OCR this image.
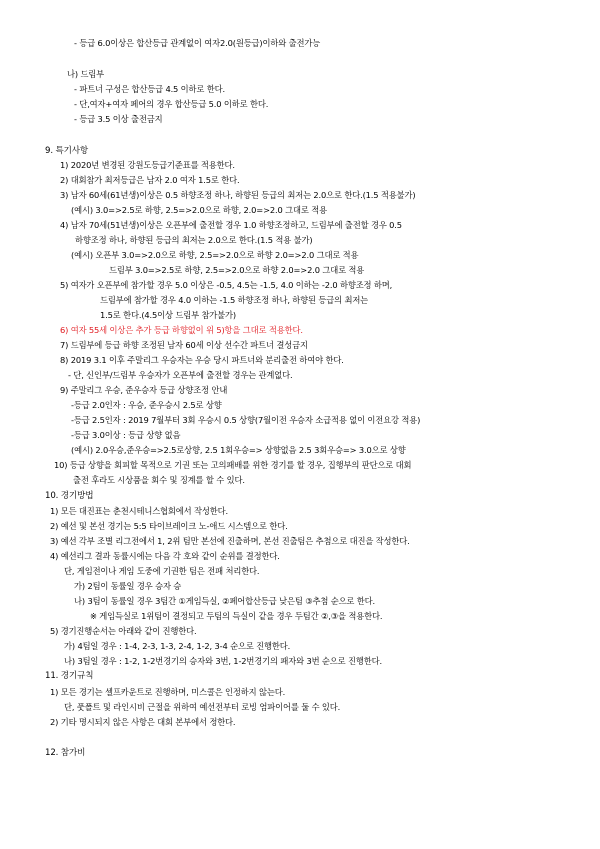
- 등급 6.0이상은 합산등급 관계없이 여자2.0(원등급)이하와 출전가능
나) 드림부
- 파트너 구성은 합산등급 4.5 이하로 한다.
- 단,여자+여자 페어의 경우 합산등급 5.0 이하로 한다.
- 등급 3.5 이상 출전금지
9. 특기사항
1) 2020년 변경된 강원도등급기준표를 적용한다.
2) 대회참가 최저등급은 남자 2.0 여자 1.5로 한다.
3) 남자 60세(61년생)이상은 0.5 하향조정 하나, 하향된 등급의 최저는 2.0으로 한다.(1.5 적용불가)
(예시) 3.0=>2.5로 하향, 2.5=>2.0으로 하향, 2.0=>2.0 그대로 적용
4) 남자 70세(51년생)이상은 오픈부에 출전할 경우 1.0 하향조정하고, 드림부에 출전할 경우 0.5
하향조정 하나, 하향된 등급의 최저는 2.0으로 한다.(1.5 적용 불가)
(예시) 오픈부 3.0=>2.0으로 하향, 2.5=>2.0으로 하향 2.0=>2.0 그대로 적용
드림부 3.0=>2.5로 하향, 2.5=>2.0으로 하향 2.0=>2.0 그대로 적용
5) 여자가 오픈부에 참가할 경우 5.0 이상은 -0.5, 4.5는 -1.5, 4.0 이하는 -2.0 하향조정 하며,
드림부에 참가할 경우 4.0 이하는 -1.5 하향조정 하나, 하향된 등급의 최저는
1.5로 한다.(4.5이상 드림부 참가불가)
6) 여자 55세 이상은 추가 등급 하향없이 위 5)항을 그대로 적용한다.
7) 드림부에 등급 하향 조정된 남자 60세 이상 선수간 파트너 결성금지
8) 2019 3.1 이후 주말리그 우승자는 우승 당시 파트너와 분리출전 하여야 한다.
- 단, 신인부/드림부 우승자가 오픈부에 출전할 경우는 관계없다.
9) 주말리그 우승, 준우승자 등급 상향조정 안내
-등급 2.0인자 : 우승, 준우승시 2.5로 상향
-등급 2.5인자 : 2019 7월부터 3회 우승시 0.5 상향(7월이전 우승자 소급적용 없이 이전요강 적용)
-등급 3.0이상 : 등급 상향 없음
(예시) 2.0우승,준우승=>2.5로상향, 2.5 1회우승=> 상향없음 2.5 3회우승=> 3.0으로 상향
10) 등급 상향을 회피할 목적으로 기권 또는 고의패배를 위한 경기를 할 경우, 집행부의 판단으로 대회
출전 후라도 시상품을 회수 및 징계를 할 수 있다.
10. 경기방법
1) 모든 대진표는 춘천시테니스협회에서 작성한다.
2) 예선 및 본선 경기는 5:5 타이브레이크 노-애드 시스템으로 한다.
3) 예선 각부 조별 리그전에서 1, 2위 팀만 본선에 진출하며, 본선 진출팀은 추첨으로 대진을 작성한다.
4) 예선리그 결과 동률시에는 다음 각 호와 같이 순위를 결정한다.
단, 게임전이나 게임 도중에 기권한 팀은 전패 처리한다.
가) 2팀이 동률일 경우 승자 승
나) 3팀이 동률일 경우 3팀간 ①게임득실, ②페어합산등급 낮은팀 ③추첨 순으로 한다.
※ 게임득실로 1위팀이 결정되고 두팀의 득실이 같을 경우 두팀간 ②,③을 적용한다.
5) 경기진행순서는 아래와 같이 진행한다.
가) 4팀일 경우 : 1-4, 2-3, 1-3, 2-4, 1-2, 3-4 순으로 진행한다.
나) 3팀일 경우 : 1-2, 1-2번경기의 승자와 3번, 1-2번경기의 패자와 3번 순으로 진행한다.
11. 경기규칙
1) 모든 경기는 셀프카운트로 진행하며, 미스콜은 인정하지 않는다.
단, 풋폴트 및 라인시비 근절을 위하여 예선전부터 로빙 엄파이어를 둘 수 있다.
2) 기타 명시되지 않은 사항은 대회 본부에서 정한다.
12. 참가비
